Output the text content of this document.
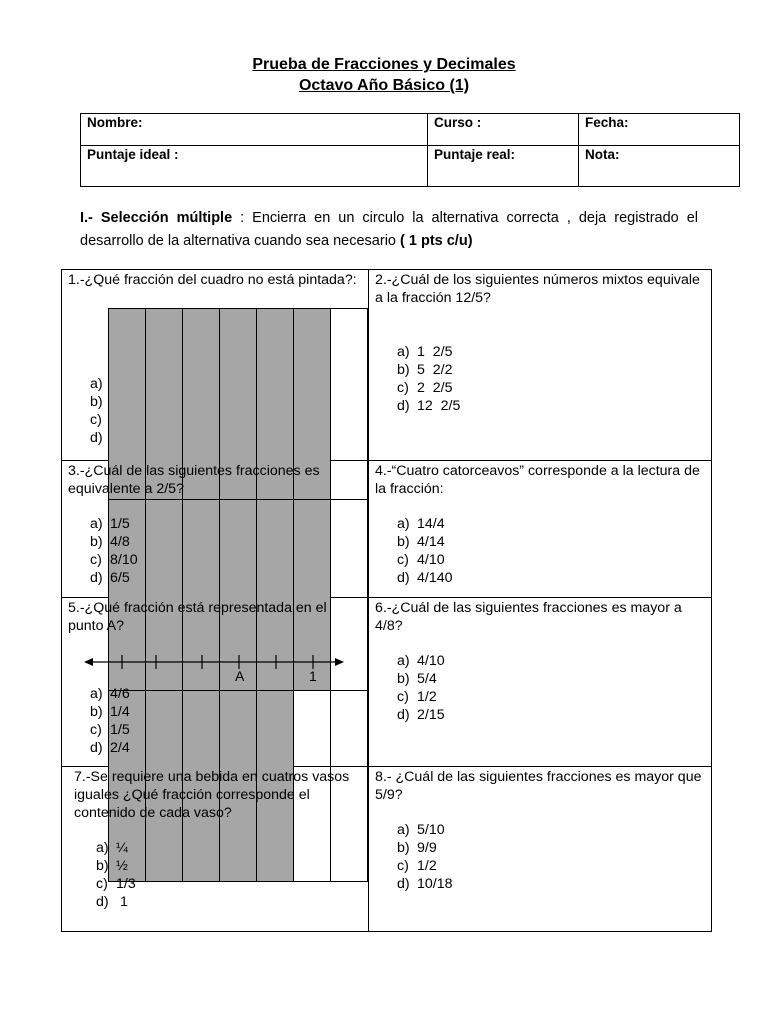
Prueba de Fracciones y Decimales
Octavo Año Básico (1)
Nombre:	Curso :	Fecha:
Puntaje ideal :	Puntaje real:	Nota:
I.- Selección múltiple : Encierra en un circulo la alternativa correcta , deja registrado el desarrollo de la alternativa cuando sea necesario ( 1 pts c/u)

1.-¿Qué fracción del cuadro no está pintada?:

a)
b)
c)
d)

2.-¿Cuál de los siguientes números mixtos equivale a la fracción 12/5?

a) 1  2/5
b) 5  2/2
c) 2  2/5
d) 12  2/5

3.-¿Cuál de las siguientes fracciones es equivalente a 2/5?

a) 1/5
b) 4/8
c) 8/10
d) 6/5

4.-“Cuatro catorceavos” corresponde a la lectura de la fracción:

a) 14/4
b) 4/14
c) 4/10
d) 4/140

5.-¿Qué fracción está representada en el punto A?

A	1
a) 4/6
b) 1/4
c) 1/5
d) 2/4

6.-¿Cuál de las siguientes fracciones es mayor a 4/8?

a) 4/10
b) 5/4
c) 1/2
d) 2/15

7.-Se requiere una bebida en cuatros vasos iguales ¿Qué fracción corresponde el contenido de cada vaso?

a) ¼
b) ½
c) 1/3
d) 1

8.- ¿Cuál de las siguientes fracciones es mayor que 5/9?

a) 5/10
b) 9/9
c) 1/2
d) 10/18
